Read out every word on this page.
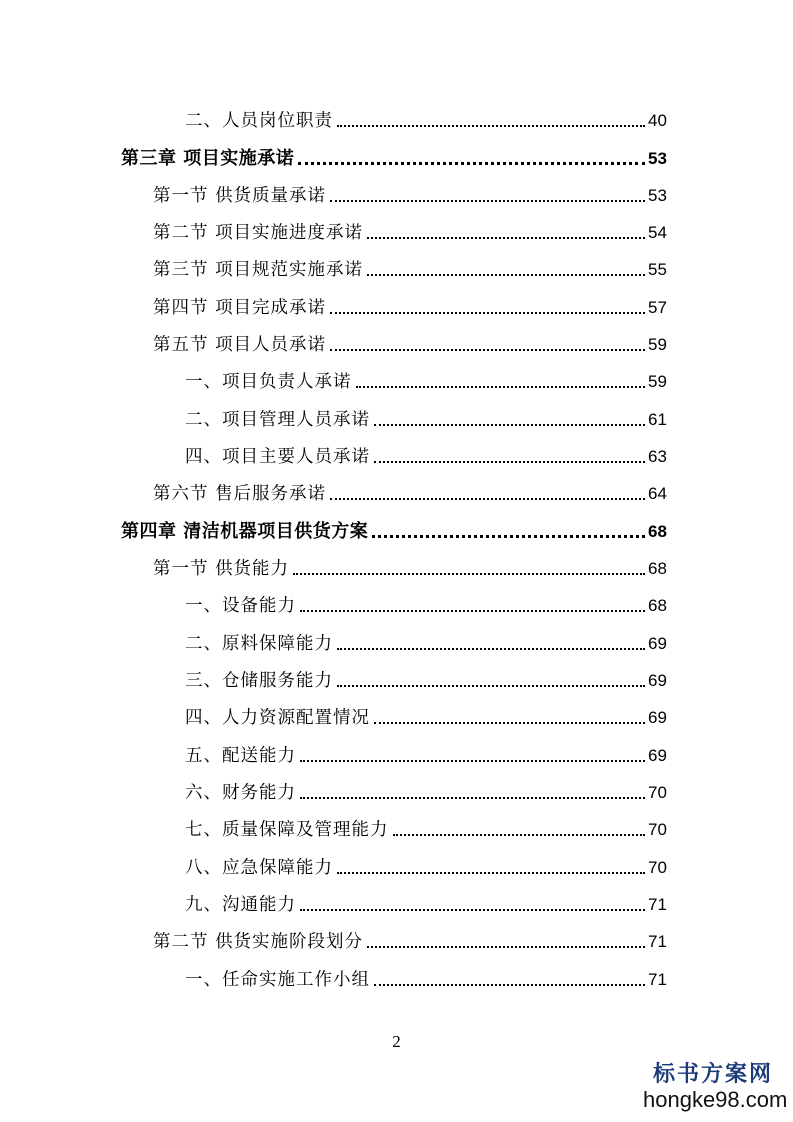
二、人员岗位职责	40
第三章 项目实施承诺	53
第一节 供货质量承诺	53
第二节 项目实施进度承诺	54
第三节 项目规范实施承诺	55
第四节 项目完成承诺	57
第五节 项目人员承诺	59
一、项目负责人承诺	59
二、项目管理人员承诺	61
四、项目主要人员承诺	63
第六节 售后服务承诺	64
第四章 清洁机器项目供货方案	68
第一节 供货能力	68
一、设备能力	68
二、原料保障能力	69
三、仓储服务能力	69
四、人力资源配置情况	69
五、配送能力	69
六、财务能力	70
七、质量保障及管理能力	70
八、应急保障能力	70
九、沟通能力	71
第二节 供货实施阶段划分	71
一、任命实施工作小组	71
2
标书方案网
hongke98.com
